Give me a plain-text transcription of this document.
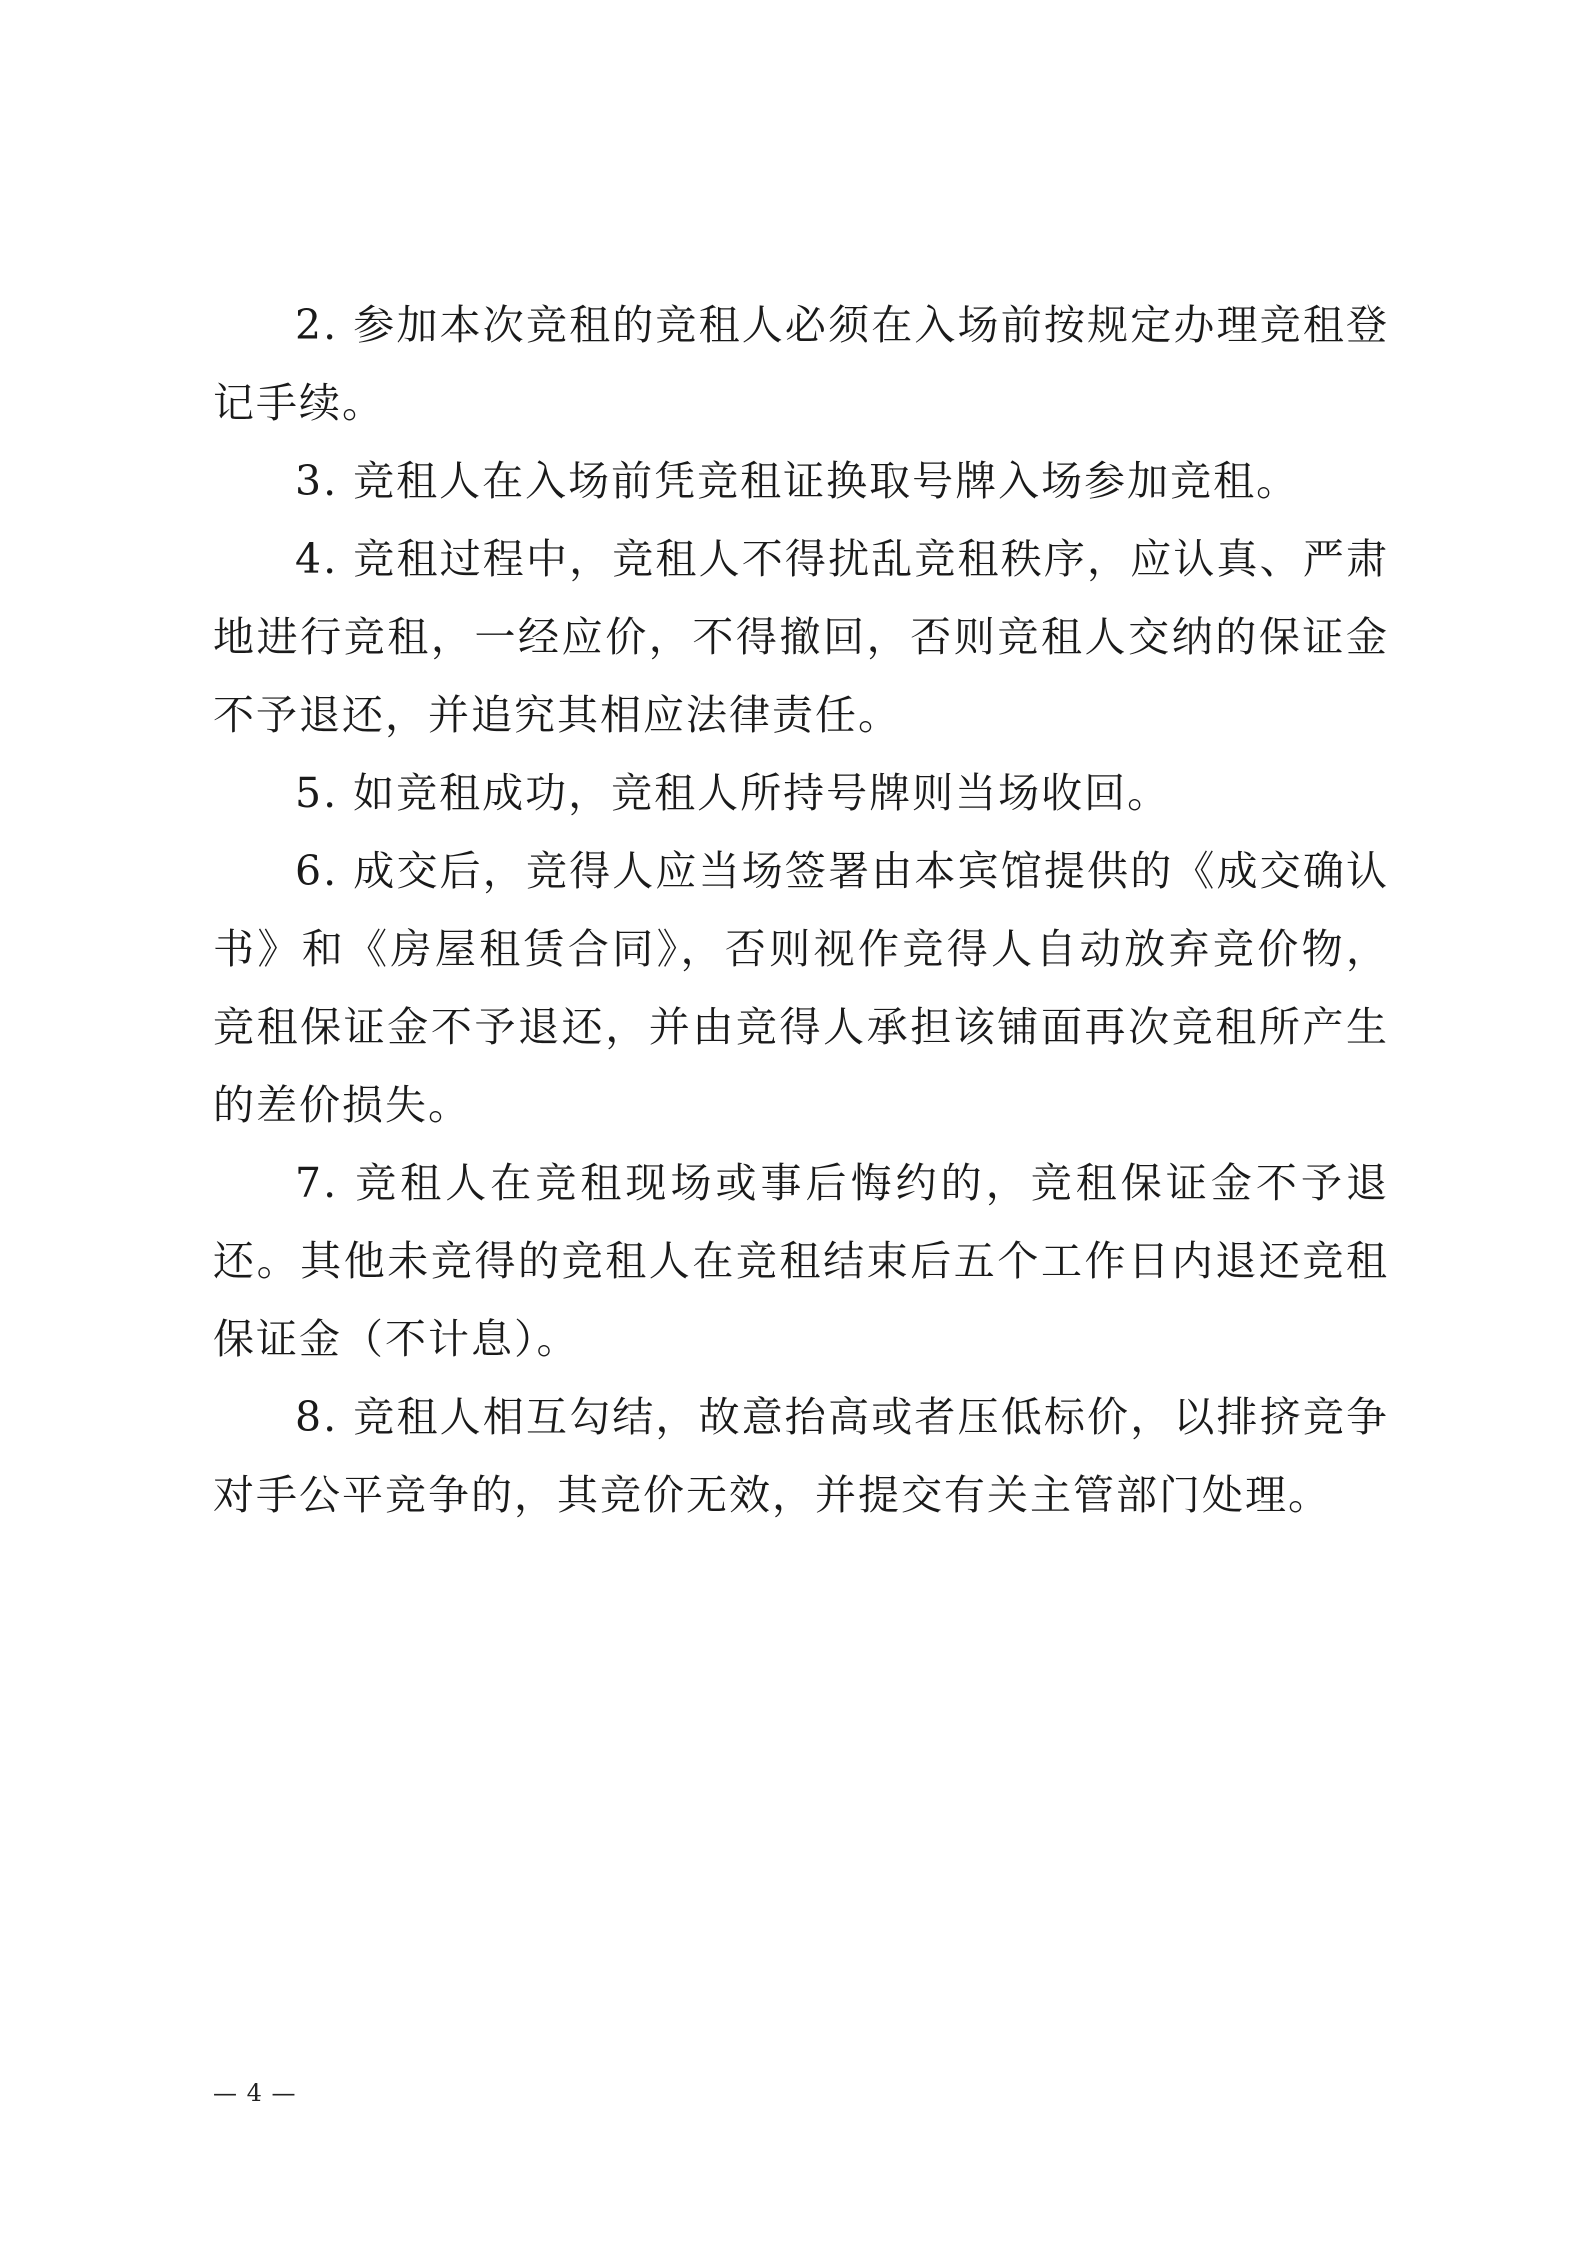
2. 参加本次竞租的竞租人必须在入场前按规定办理竞租登记手续。

3. 竞租人在入场前凭竞租证换取号牌入场参加竞租。

4. 竞租过程中，竞租人不得扰乱竞租秩序，应认真、严肃地进行竞租，一经应价，不得撤回，否则竞租人交纳的保证金不予退还，并追究其相应法律责任。

5. 如竞租成功，竞租人所持号牌则当场收回。

6. 成交后，竞得人应当场签署由本宾馆提供的《成交确认书》和《房屋租赁合同》，否则视作竞得人自动放弃竞价物，竞租保证金不予退还，并由竞得人承担该铺面再次竞租所产生的差价损失。

7. 竞租人在竞租现场或事后悔约的，竞租保证金不予退还。其他未竞得的竞租人在竞租结束后五个工作日内退还竞租保证金（不计息）。

8. 竞租人相互勾结，故意抬高或者压低标价，以排挤竞争对手公平竞争的，其竞价无效，并提交有关主管部门处理。

— 4 —
